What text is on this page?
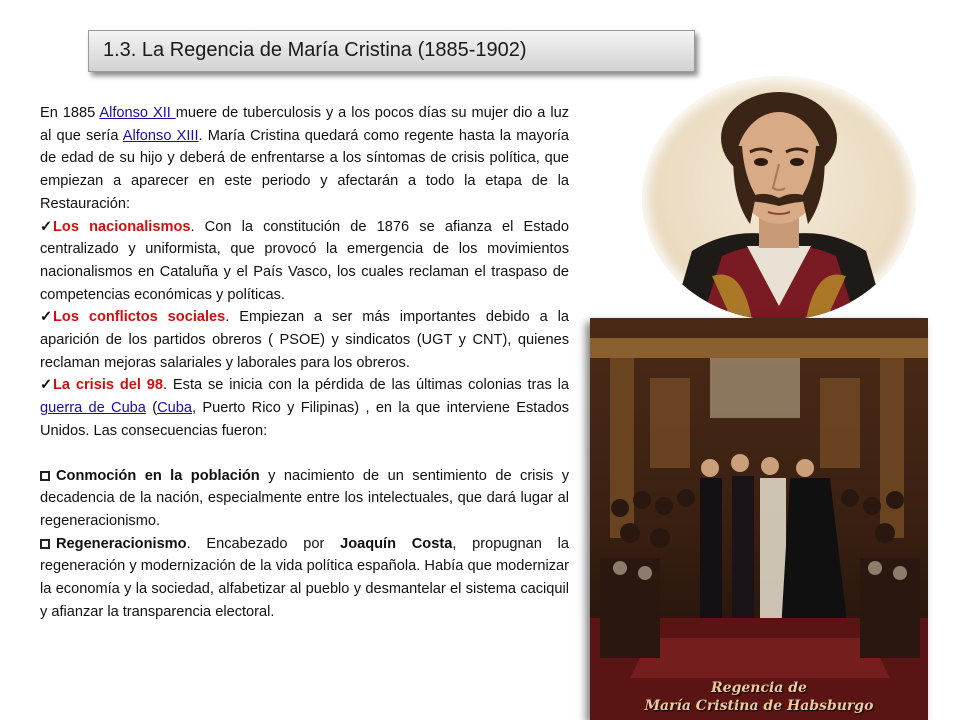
1.3. La Regencia de María Cristina (1885-1902)

En 1885 Alfonso XII muere de tuberculosis y a los pocos días su mujer dio a luz al que sería Alfonso XIII. María Cristina quedará como regente hasta la mayoría de edad de su hijo y deberá de enfrentarse a los síntomas de crisis política, que empiezan a aparecer en este periodo y afectarán a todo la etapa de la Restauración:

✓Los nacionalismos. Con la constitución de 1876 se afianza el Estado centralizado y uniformista, que provocó la emergencia de los movimientos nacionalismos en Cataluña y el País Vasco, los cuales reclaman el traspaso de competencias económicas y políticas.

✓Los conflictos sociales. Empiezan a ser más importantes debido a la aparición de los partidos obreros ( PSOE) y sindicatos (UGT y CNT), quienes reclaman mejoras salariales y laborales para los obreros.

✓La crisis del 98. Esta se inicia con la pérdida de las últimas colonias tras la guerra de Cuba (Cuba, Puerto Rico y Filipinas) , en la que interviene Estados Unidos. Las consecuencias fueron:

Conmoción en la población y nacimiento de un sentimiento de crisis y decadencia de la nación, especialmente entre los intelectuales, que dará lugar al regeneracionismo.

Regeneracionismo. Encabezado por Joaquín Costa, propugnan la regeneración y modernización de la vida política española. Había que modernizar la economía y la sociedad, alfabetizar al pueblo y desmantelar el sistema caciquil y afianzar la transparencia electoral.

Regencia de
María Cristina de Habsburgo
